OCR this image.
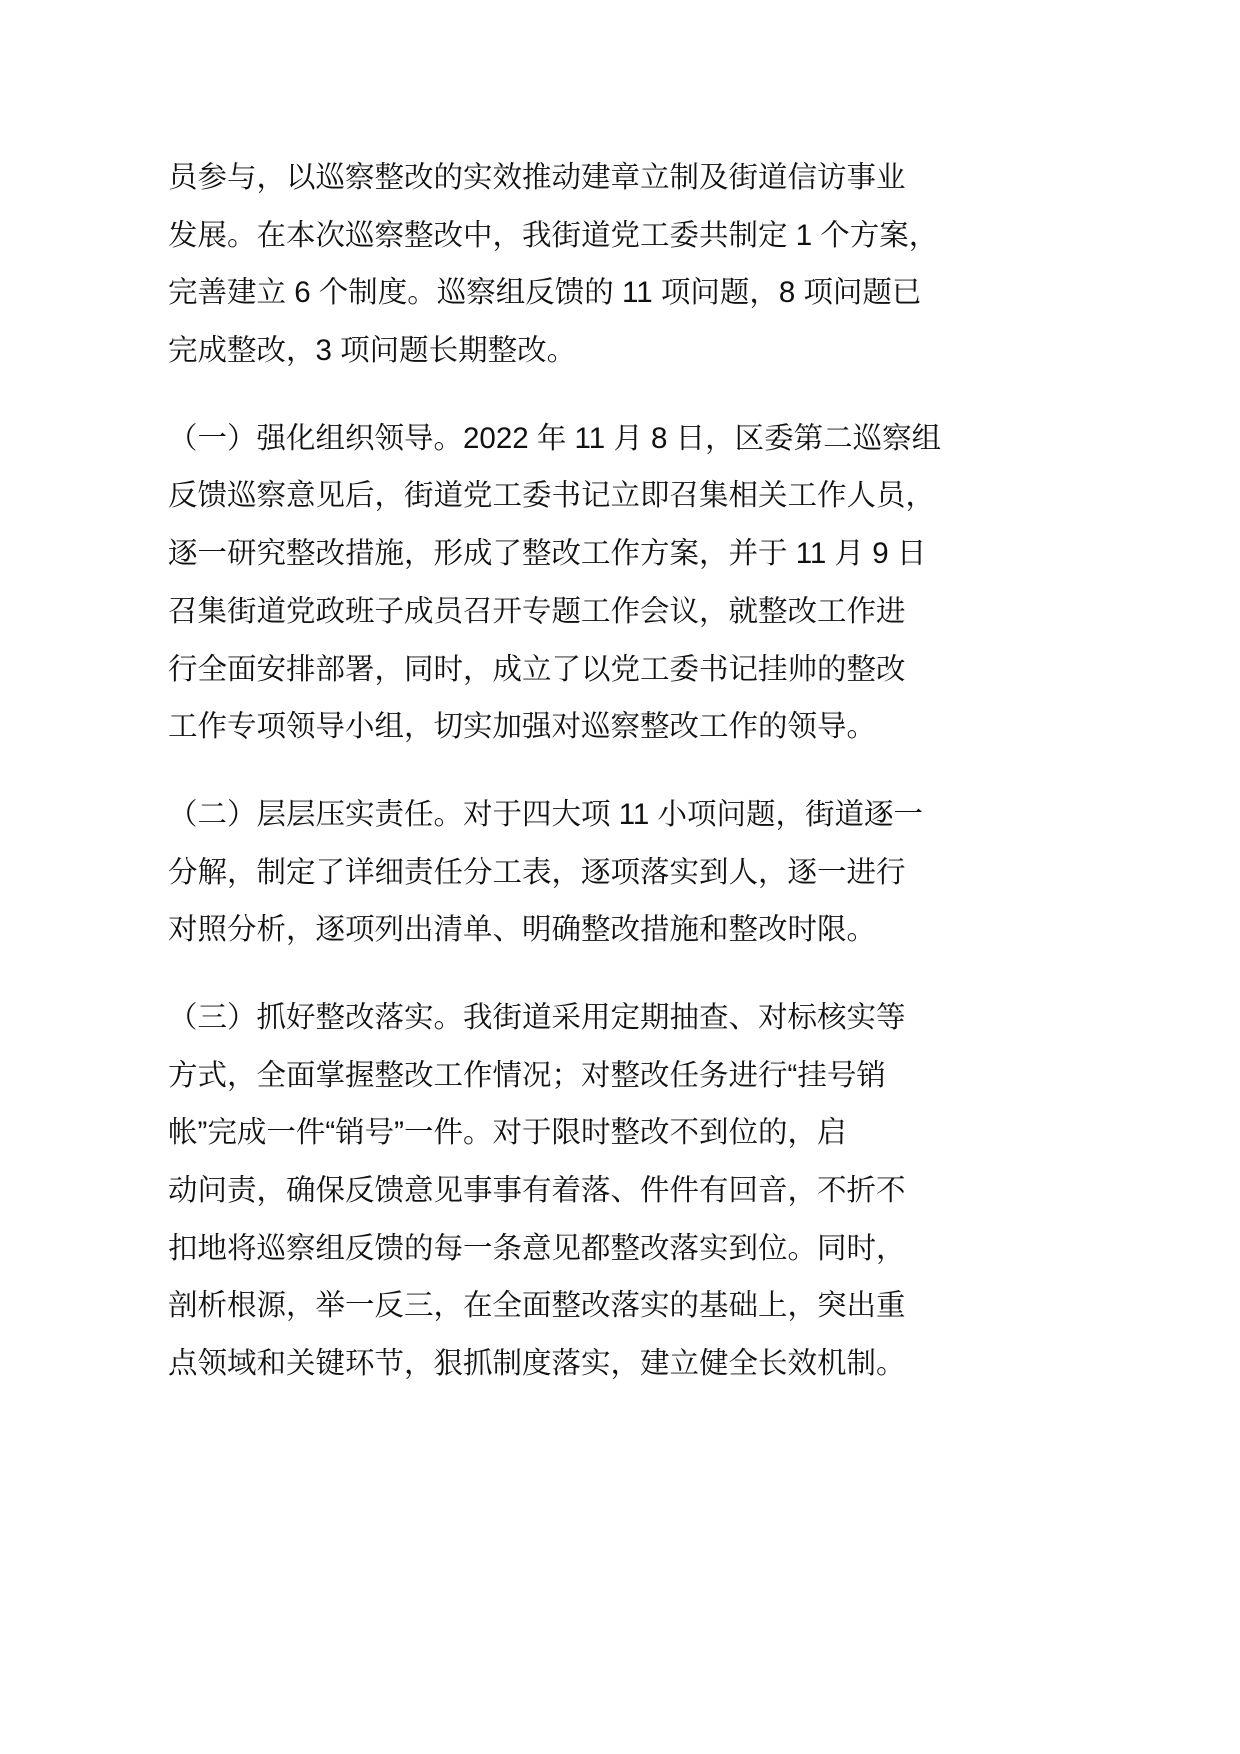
员参与，以巡察整改的实效推动建章立制及街道信访事业
发展。在本次巡察整改中，我街道党工委共制定 1 个方案，
完善建立 6 个制度。巡察组反馈的 11 项问题，8 项问题已
完成整改，3 项问题长期整改。
（一）强化组织领导。2022 年 11 月 8 日，区委第二巡察组
反馈巡察意见后，街道党工委书记立即召集相关工作人员，
逐一研究整改措施，形成了整改工作方案，并于 11 月 9 日
召集街道党政班子成员召开专题工作会议，就整改工作进
行全面安排部署，同时，成立了以党工委书记挂帅的整改
工作专项领导小组，切实加强对巡察整改工作的领导。
（二）层层压实责任。对于四大项 11 小项问题，街道逐一
分解，制定了详细责任分工表，逐项落实到人，逐一进行
对照分析，逐项列出清单、明确整改措施和整改时限。
（三）抓好整改落实。我街道采用定期抽查、对标核实等
方式，全面掌握整改工作情况；对整改任务进行“挂号销
帐”完成一件“销号”一件。对于限时整改不到位的，启
动问责，确保反馈意见事事有着落、件件有回音，不折不
扣地将巡察组反馈的每一条意见都整改落实到位。同时，
剖析根源，举一反三，在全面整改落实的基础上，突出重
点领域和关键环节，狠抓制度落实，建立健全长效机制。
